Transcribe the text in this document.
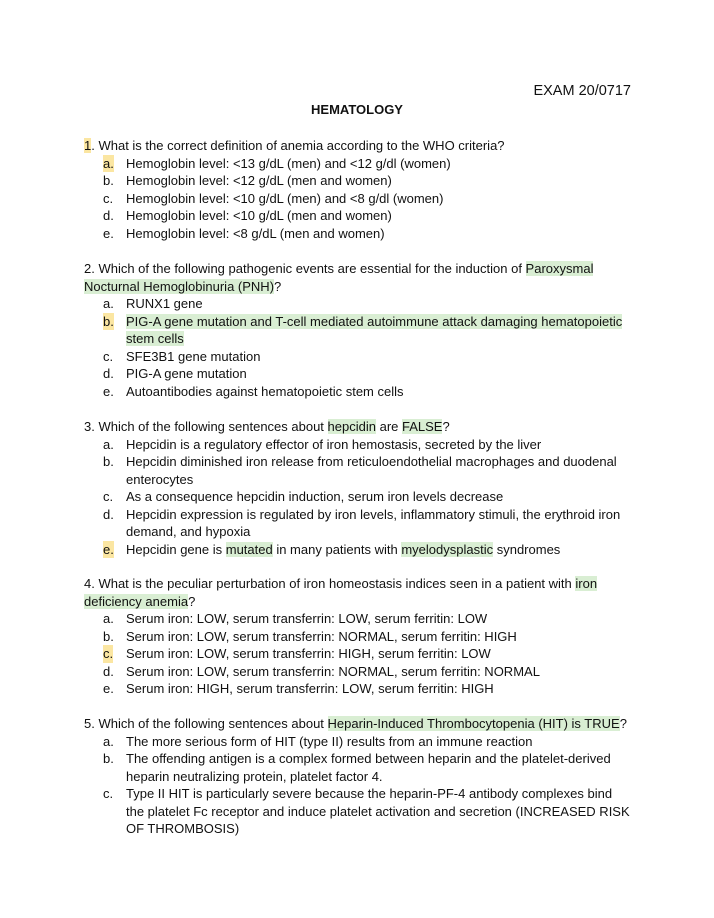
EXAM 20/0717
HEMATOLOGY
1. What is the correct definition of anemia according to the WHO criteria?
a. Hemoglobin level: <13 g/dL (men) and <12 g/dl (women)
b. Hemoglobin level: <12 g/dL (men and women)
c. Hemoglobin level: <10 g/dL (men) and <8 g/dl (women)
d. Hemoglobin level: <10 g/dL (men and women)
e. Hemoglobin level: <8 g/dL (men and women)
2. Which of the following pathogenic events are essential for the induction of Paroxysmal Nocturnal Hemoglobinuria (PNH)?
a. RUNX1 gene
b. PIG-A gene mutation and T-cell mediated autoimmune attack damaging hematopoietic stem cells
c. SFE3B1 gene mutation
d. PIG-A gene mutation
e. Autoantibodies against hematopoietic stem cells
3. Which of the following sentences about hepcidin are FALSE?
a. Hepcidin is a regulatory effector of iron hemostasis, secreted by the liver
b. Hepcidin diminished iron release from reticuloendothelial macrophages and duodenal enterocytes
c. As a consequence hepcidin induction, serum iron levels decrease
d. Hepcidin expression is regulated by iron levels, inflammatory stimuli, the erythroid iron demand, and hypoxia
e. Hepcidin gene is mutated in many patients with myelodysplastic syndromes
4. What is the peculiar perturbation of iron homeostasis indices seen in a patient with iron deficiency anemia?
a. Serum iron: LOW, serum transferrin: LOW, serum ferritin: LOW
b. Serum iron: LOW, serum transferrin: NORMAL, serum ferritin: HIGH
c. Serum iron: LOW, serum transferrin: HIGH, serum ferritin: LOW
d. Serum iron: LOW, serum transferrin: NORMAL, serum ferritin: NORMAL
e. Serum iron: HIGH, serum transferrin: LOW, serum ferritin: HIGH
5. Which of the following sentences about Heparin-Induced Thrombocytopenia (HIT) is TRUE?
a. The more serious form of HIT (type II) results from an immune reaction
b. The offending antigen is a complex formed between heparin and the platelet-derived heparin neutralizing protein, platelet factor 4.
c. Type II HIT is particularly severe because the heparin-PF-4 antibody complexes bind the platelet Fc receptor and induce platelet activation and secretion (INCREASED RISK OF THROMBOSIS)
